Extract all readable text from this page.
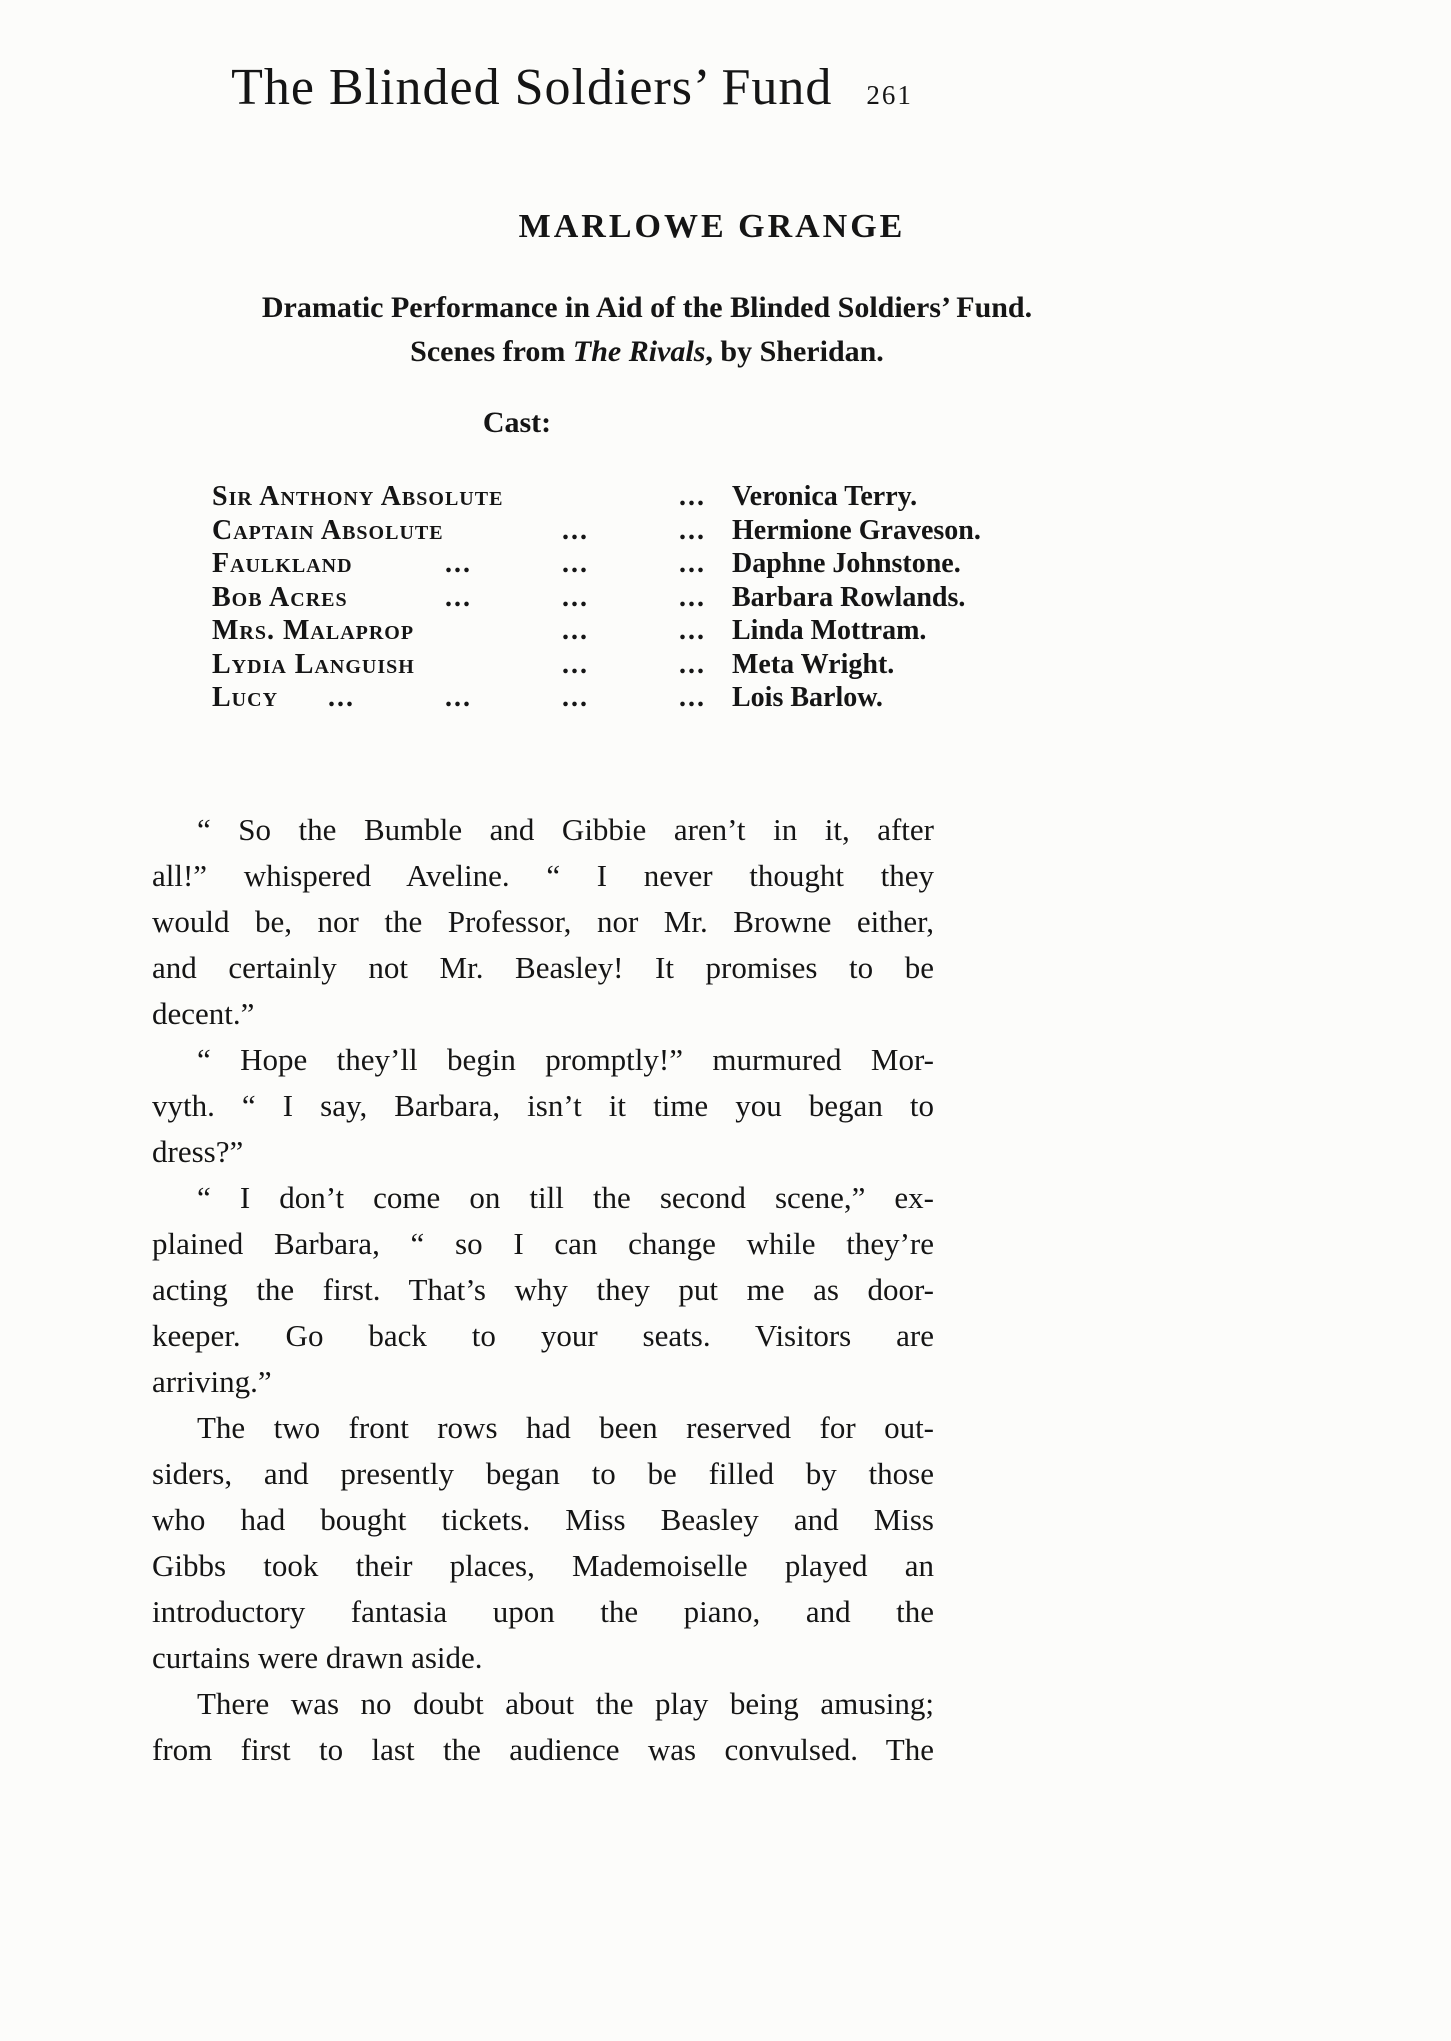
The Blinded Soldiers’ Fund 261
MARLOWE GRANGE
Dramatic Performance in Aid of the Blinded Soldiers’ Fund.
Scenes from The Rivals, by Sheridan.
Cast:
Sir Anthony Absolute	... Veronica Terry.
Captain Absolute	...   ... Hermione Graveson.
Faulkland	...   ...   ... Daphne Johnstone.
Bob Acres	...   ...   ... Barbara Rowlands.
Mrs. Malaprop	...   ... Linda Mottram.
Lydia Languish	...   ... Meta Wright.
Lucy	...   ...   ...   ... Lois Barlow.

“ So the Bumble and Gibbie aren’t in it, after
all!” whispered Aveline. “ I never thought they
would be, nor the Professor, nor Mr. Browne either,
and certainly not Mr. Beasley! It promises to be
decent.”

“ Hope they’ll begin promptly!” murmured Mor-
vyth. “ I say, Barbara, isn’t it time you began to
dress?”

“ I don’t come on till the second scene,” ex-
plained Barbara, “ so I can change while they’re
acting the first. That’s why they put me as door-
keeper. Go back to your seats. Visitors are
arriving.”

The two front rows had been reserved for out-
siders, and presently began to be filled by those
who had bought tickets. Miss Beasley and Miss
Gibbs took their places, Mademoiselle played an
introductory fantasia upon the piano, and the
curtains were drawn aside.

There was no doubt about the play being amusing;
from first to last the audience was convulsed. The
